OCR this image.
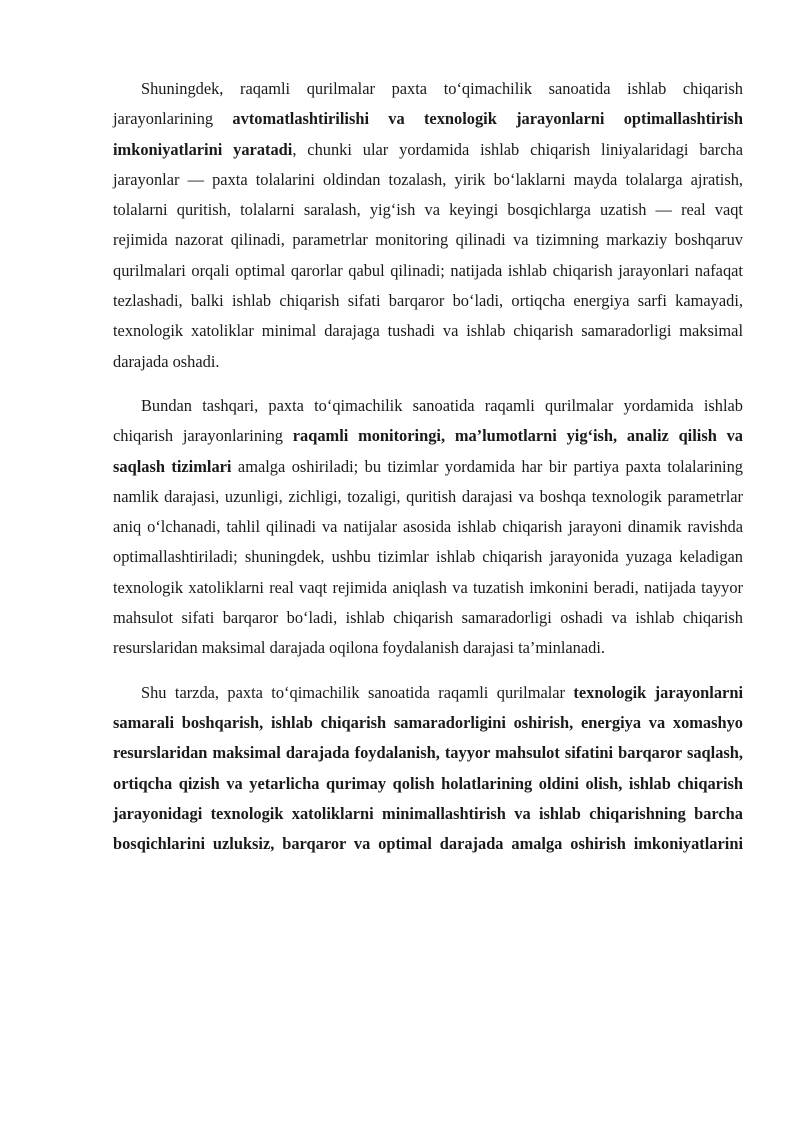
Shuningdek, raqamli qurilmalar paxta to‘qimachilik sanoatida ishlab chiqarish jarayonlarining avtomatlashtirilishi va texnologik jarayonlarni optimallashtirish imkoniyatlarini yaratadi, chunki ular yordamida ishlab chiqarish liniyalaridagi barcha jarayonlar — paxta tolalarini oldindan tozalash, yirik bo‘laklarni mayda tolalarga ajratish, tolalarni quritish, tolalarni saralash, yig‘ish va keyingi bosqichlarga uzatish — real vaqt rejimida nazorat qilinadi, parametrlar monitoring qilinadi va tizimning markaziy boshqaruv qurilmalari orqali optimal qarorlar qabul qilinadi; natijada ishlab chiqarish jarayonlari nafaqat tezlashadi, balki ishlab chiqarish sifati barqaror bo‘ladi, ortiqcha energiya sarfi kamayadi, texnologik xatoliklar minimal darajaga tushadi va ishlab chiqarish samaradorligi maksimal darajada oshadi.

Bundan tashqari, paxta to‘qimachilik sanoatida raqamli qurilmalar yordamida ishlab chiqarish jarayonlarining raqamli monitoringi, ma’lumotlarni yig‘ish, analiz qilish va saqlash tizimlari amalga oshiriladi; bu tizimlar yordamida har bir partiya paxta tolalarining namlik darajasi, uzunligi, zichligi, tozaligi, quritish darajasi va boshqa texnologik parametrlar aniq o‘lchanadi, tahlil qilinadi va natijalar asosida ishlab chiqarish jarayoni dinamik ravishda optimallashtiriladi; shuningdek, ushbu tizimlar ishlab chiqarish jarayonida yuzaga keladigan texnologik xatoliklarni real vaqt rejimida aniqlash va tuzatish imkonini beradi, natijada tayyor mahsulot sifati barqaror bo‘ladi, ishlab chiqarish samaradorligi oshadi va ishlab chiqarish resurslaridan maksimal darajada oqilona foydalanish darajasi ta’minlanadi.

Shu tarzda, paxta to‘qimachilik sanoatida raqamli qurilmalar texnologik jarayonlarni samarali boshqarish, ishlab chiqarish samaradorligini oshirish, energiya va xomashyo resurslaridan maksimal darajada foydalanish, tayyor mahsulot sifatini barqaror saqlash, ortiqcha qizish va yetarlicha qurimay qolish holatlarining oldini olish, ishlab chiqarish jarayonidagi texnologik xatoliklarni minimallashtirish va ishlab chiqarishning barcha bosqichlarini uzluksiz, barqaror va optimal darajada amalga oshirish imkoniyatlarini
